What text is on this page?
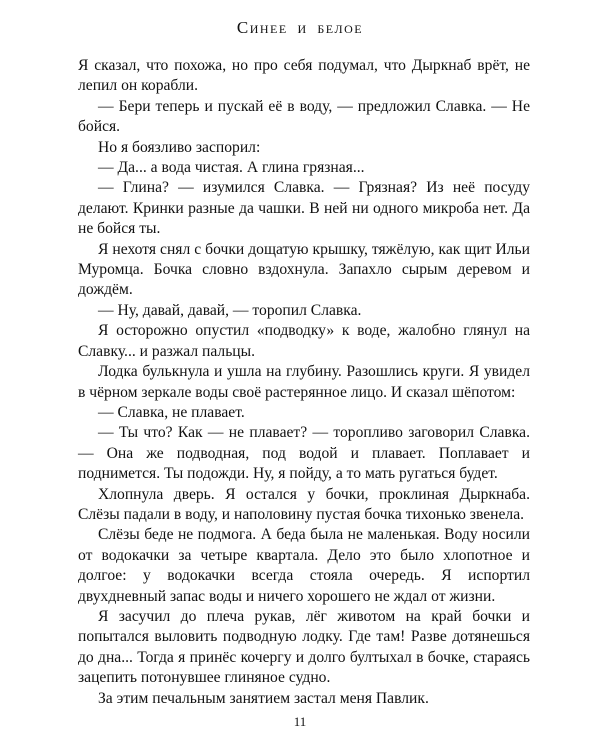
Синее и белое

Я сказал, что похожа, но про себя подумал, что Дыркнаб врёт, не лепил он корабли.

— Бери теперь и пускай её в воду, — предложил Славка. — Не бойся.

Но я боязливо заспорил:

— Да... а вода чистая. А глина грязная...

— Глина? — изумился Славка. — Грязная? Из неё посуду делают. Кринки разные да чашки. В ней ни одного микроба нет. Да не бойся ты.

Я нехотя снял с бочки дощатую крышку, тяжёлую, как щит Ильи Муромца. Бочка словно вздохнула. Запахло сырым деревом и дождём.

— Ну, давай, давай, — торопил Славка.

Я осторожно опустил «подводку» к воде, жалобно глянул на Славку... и разжал пальцы.

Лодка булькнула и ушла на глубину. Разошлись круги. Я увидел в чёрном зеркале воды своё растерянное лицо. И сказал шёпотом:

— Славка, не плавает.

— Ты что? Как — не плавает? — торопливо заговорил Славка. — Она же подводная, под водой и плавает. Поплавает и поднимется. Ты подожди. Ну, я пойду, а то мать ругаться будет.

Хлопнула дверь. Я остался у бочки, проклиная Дыркнаба. Слёзы падали в воду, и наполовину пустая бочка тихонько звенела.

Слёзы беде не подмога. А беда была не маленькая. Воду носили от водокачки за четыре квартала. Дело это было хлопотное и долгое: у водокачки всегда стояла очередь. Я испортил двухдневный запас воды и ничего хорошего не ждал от жизни.

Я засучил до плеча рукав, лёг животом на край бочки и попытался выловить подводную лодку. Где там! Разве дотянешься до дна... Тогда я принёс кочергу и долго бултыхал в бочке, стараясь зацепить потонувшее глиняное судно.

За этим печальным занятием застал меня Павлик.

11
